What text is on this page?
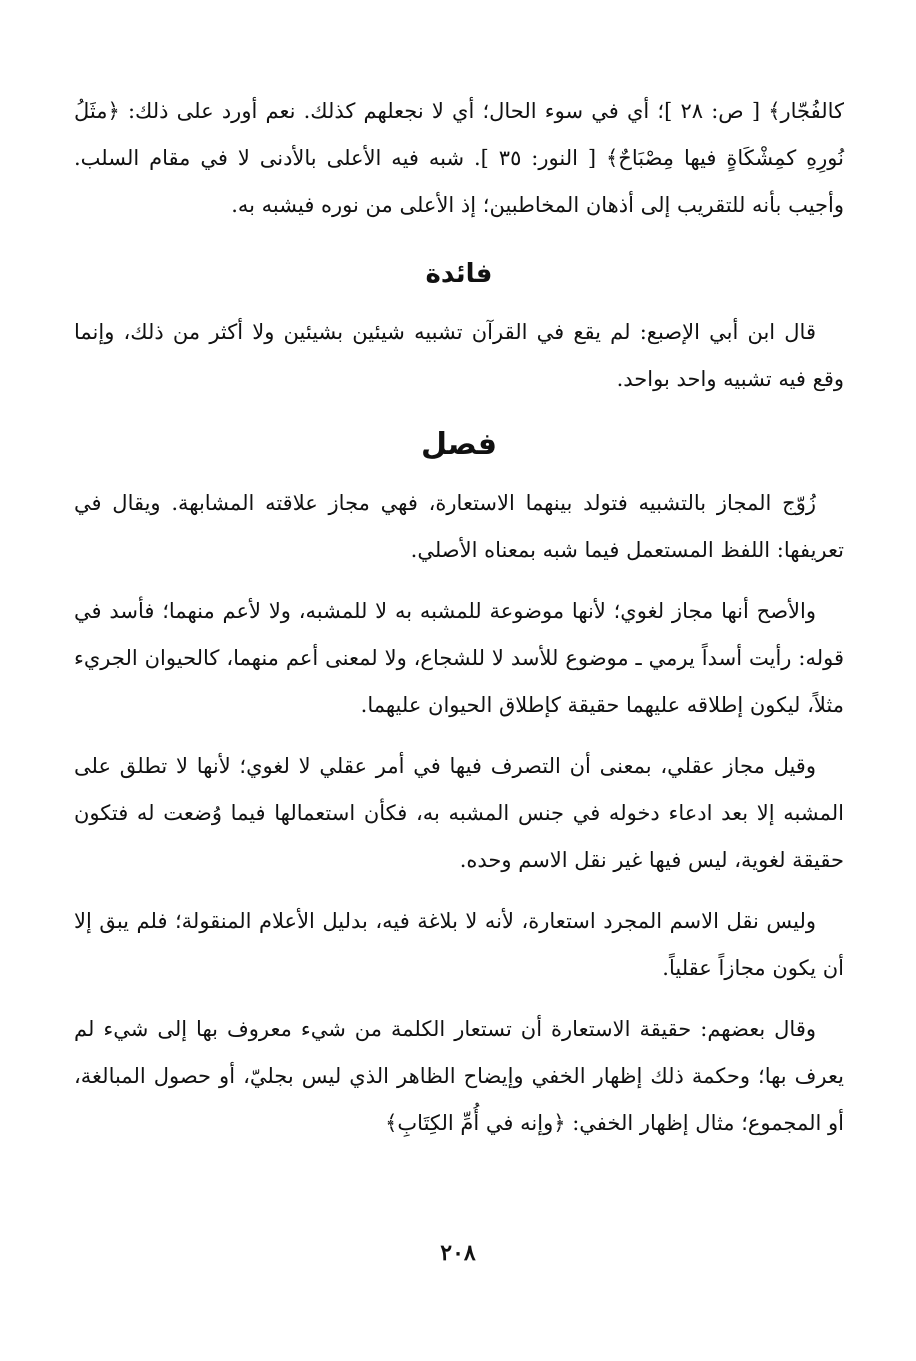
كالفُجّار﴾ [ ص: ٢٨ ]؛ أي في سوء الحال؛ أي لا نجعلهم كذلك. نعم أورد على ذلك: ﴿مثَلُ نُورِهِ كمِشْكَاةٍ فيها مِصْبَاحٌ﴾ [ النور: ٣٥ ]. شبه فيه الأعلى بالأدنى لا في مقام السلب. وأجيب بأنه للتقريب إلى أذهان المخاطبين؛ إذ الأعلى من نوره فيشبه به.

فائدة

قال ابن أبي الإصبع: لم يقع في القرآن تشبيه شيئين بشيئين ولا أكثر من ذلك، وإنما وقع فيه تشبيه واحد بواحد.

فصل

زُوّج المجاز بالتشبيه فتولد بينهما الاستعارة، فهي مجاز علاقته المشابهة. ويقال في تعريفها: اللفظ المستعمل فيما شبه بمعناه الأصلي.

والأصح أنها مجاز لغوي؛ لأنها موضوعة للمشبه به لا للمشبه، ولا لأعم منهما؛ فأسد في قوله: رأيت أسداً يرمي ـ موضوع للأسد لا للشجاع، ولا لمعنى أعم منهما، كالحيوان الجريء مثلاً، ليكون إطلاقه عليهما حقيقة كإطلاق الحيوان عليهما.

وقيل مجاز عقلي، بمعنى أن التصرف فيها في أمر عقلي لا لغوي؛ لأنها لا تطلق على المشبه إلا بعد ادعاء دخوله في جنس المشبه به، فكأن استعمالها فيما وُضعت له فتكون حقيقة لغوية، ليس فيها غير نقل الاسم وحده.

وليس نقل الاسم المجرد استعارة، لأنه لا بلاغة فيه، بدليل الأعلام المنقولة؛ فلم يبق إلا أن يكون مجازاً عقلياً.

وقال بعضهم: حقيقة الاستعارة أن تستعار الكلمة من شيء معروف بها إلى شيء لم يعرف بها؛ وحكمة ذلك إظهار الخفي وإيضاح الظاهر الذي ليس بجليّ، أو حصول المبالغة، أو المجموع؛ مثال إظهار الخفي: ﴿وإنه في أُمِّ الكِتَابِ﴾

٢٠٨
